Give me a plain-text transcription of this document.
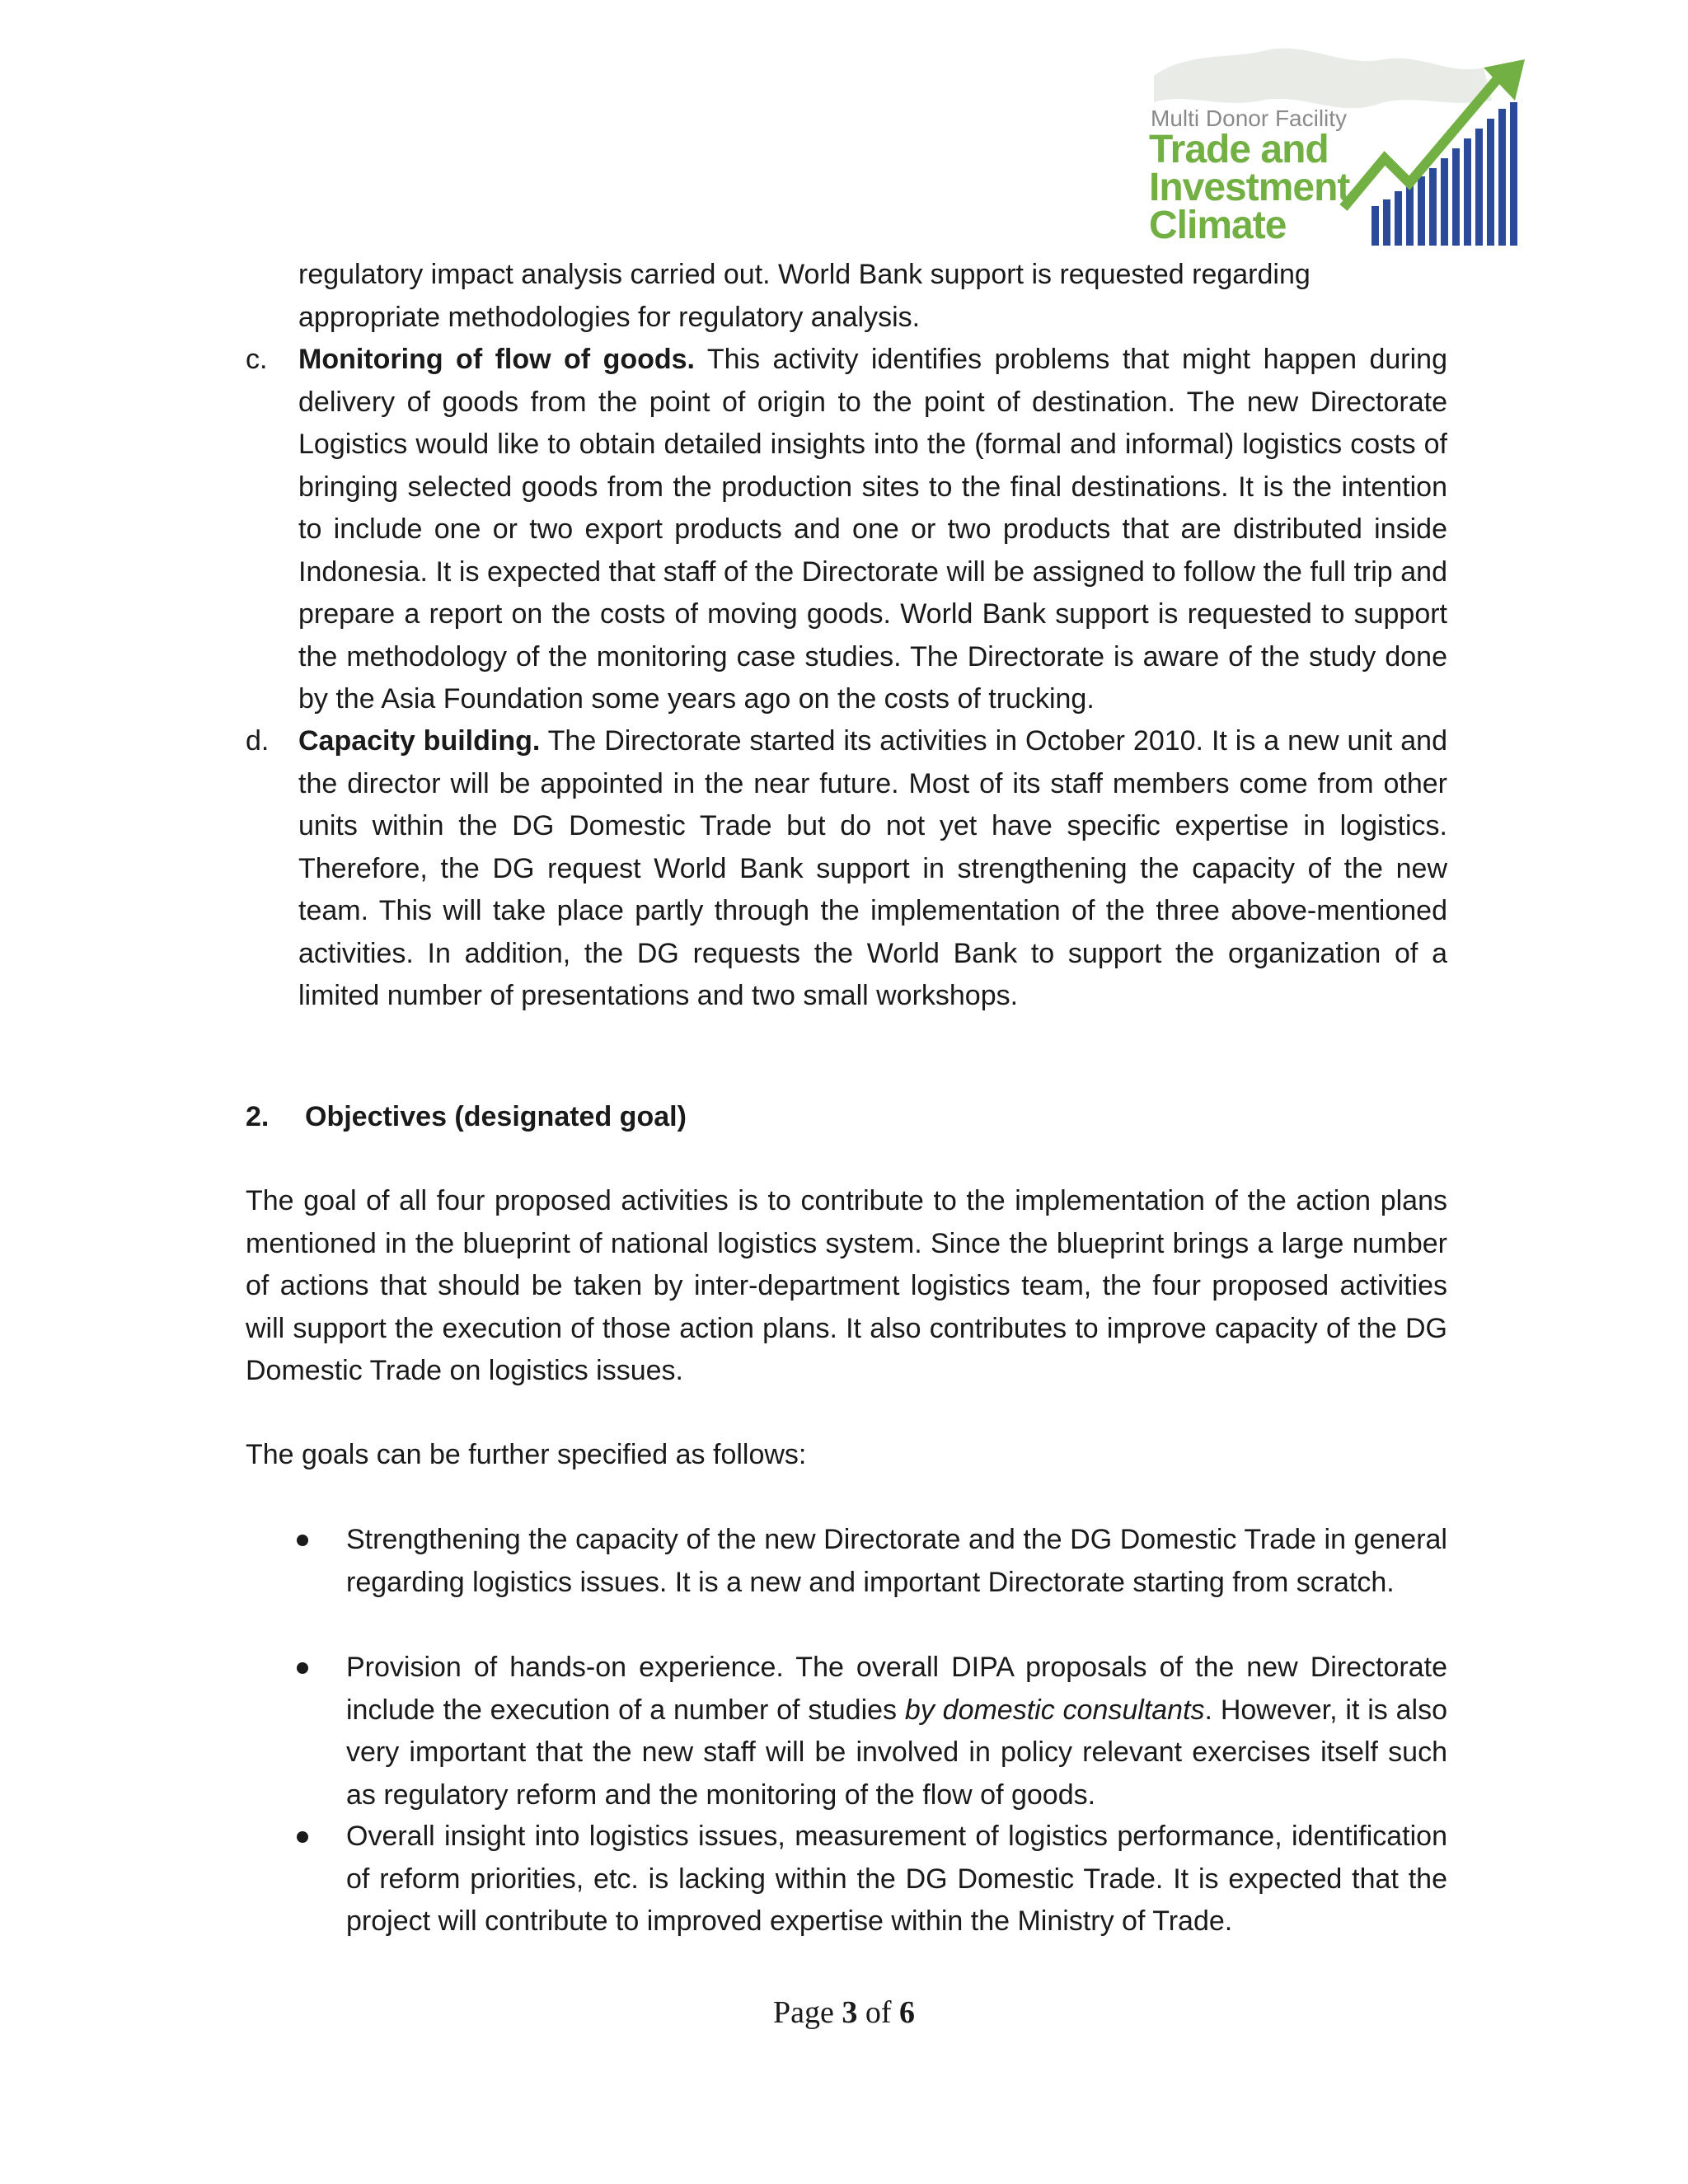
Multi Donor Facility
Trade and
Investment
Climate
regulatory impact analysis carried out. World Bank support is requested regarding
appropriate methodologies for regulatory analysis.
c. Monitoring of flow of goods. This activity identifies problems that might happen during delivery of goods from the point of origin to the point of destination. The new Directorate Logistics would like to obtain detailed insights into the (formal and informal) logistics costs of bringing selected goods from the production sites to the final destinations. It is the intention to include one or two export products and one or two products that are distributed inside Indonesia. It is expected that staff of the Directorate will be assigned to follow the full trip and prepare a report on the costs of moving goods. World Bank support is requested to support the methodology of the monitoring case studies. The Directorate is aware of the study done by the Asia Foundation some years ago on the costs of trucking.
d. Capacity building. The Directorate started its activities in October 2010. It is a new unit and the director will be appointed in the near future. Most of its staff members come from other units within the DG Domestic Trade but do not yet have specific expertise in logistics. Therefore, the DG request World Bank support in strengthening the capacity of the new team. This will take place partly through the implementation of the three above-mentioned activities. In addition, the DG requests the World Bank to support the organization of a limited number of presentations and two small workshops.
2. Objectives (designated goal)
The goal of all four proposed activities is to contribute to the implementation of the action plans mentioned in the blueprint of national logistics system. Since the blueprint brings a large number of actions that should be taken by inter-department logistics team, the four proposed activities will support the execution of those action plans. It also contributes to improve capacity of the DG Domestic Trade on logistics issues.
The goals can be further specified as follows:
Strengthening the capacity of the new Directorate and the DG Domestic Trade in general regarding logistics issues. It is a new and important Directorate starting from scratch.
Provision of hands-on experience. The overall DIPA proposals of the new Directorate include the execution of a number of studies by domestic consultants. However, it is also very important that the new staff will be involved in policy relevant exercises itself such as regulatory reform and the monitoring of the flow of goods.
Overall insight into logistics issues, measurement of logistics performance, identification of reform priorities, etc. is lacking within the DG Domestic Trade. It is expected that the project will contribute to improved expertise within the Ministry of Trade.
Page 3 of 6
